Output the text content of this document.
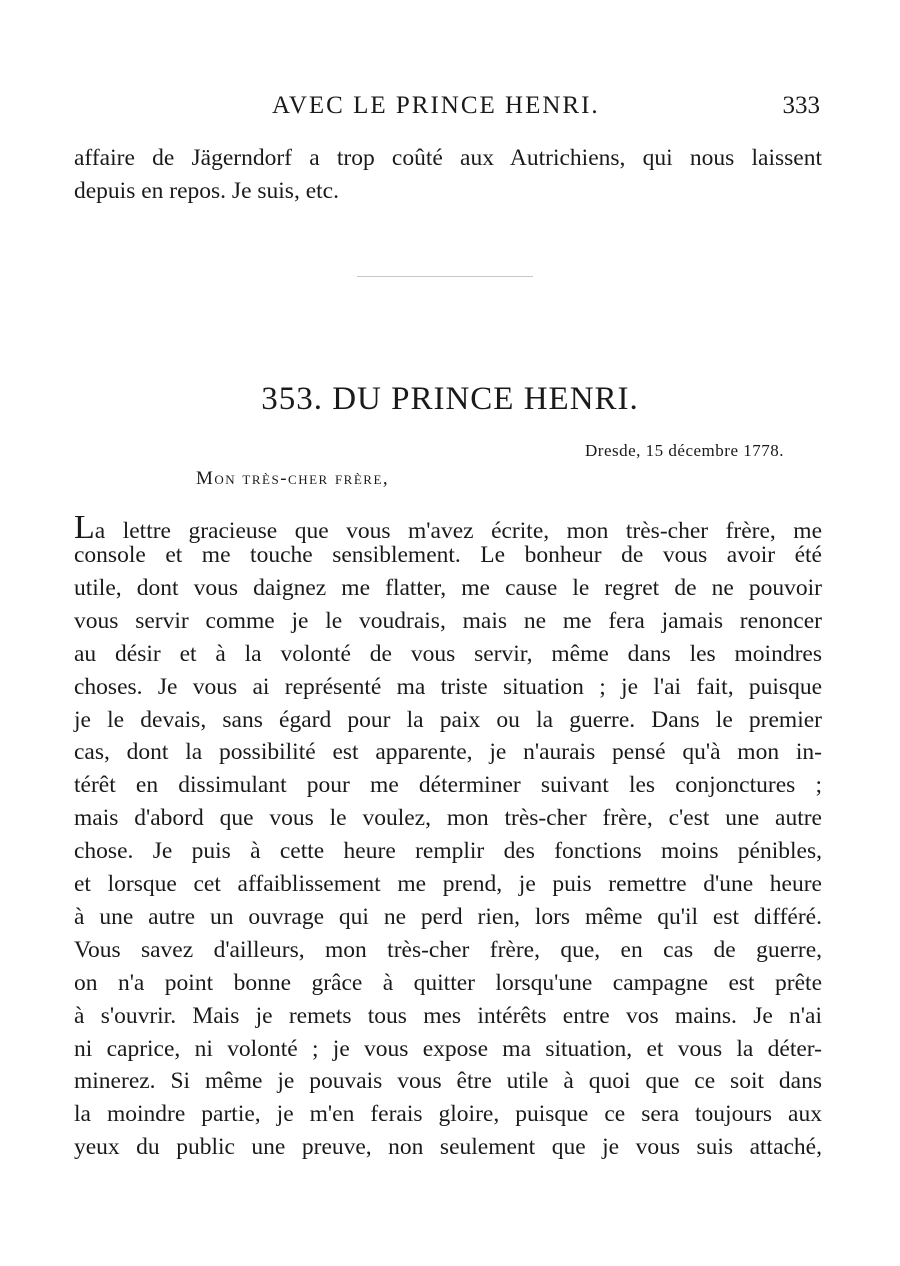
AVEC LE PRINCE HENRI.	333
affaire de Jägerndorf a trop coûté aux Autrichiens, qui nous laissent
depuis en repos. Je suis, etc.
353. DU PRINCE HENRI.
Dresde, 15 décembre 1778.
Mon très-cher frère,
La lettre gracieuse que vous m'avez écrite, mon très-cher frère, me
console et me touche sensiblement. Le bonheur de vous avoir été
utile, dont vous daignez me flatter, me cause le regret de ne pouvoir
vous servir comme je le voudrais, mais ne me fera jamais renoncer
au désir et à la volonté de vous servir, même dans les moindres
choses. Je vous ai représenté ma triste situation ; je l'ai fait, puisque
je le devais, sans égard pour la paix ou la guerre. Dans le premier
cas, dont la possibilité est apparente, je n'aurais pensé qu'à mon in-
térêt en dissimulant pour me déterminer suivant les conjonctures ;
mais d'abord que vous le voulez, mon très-cher frère, c'est une autre
chose. Je puis à cette heure remplir des fonctions moins pénibles,
et lorsque cet affaiblissement me prend, je puis remettre d'une heure
à une autre un ouvrage qui ne perd rien, lors même qu'il est différé.
Vous savez d'ailleurs, mon très-cher frère, que, en cas de guerre,
on n'a point bonne grâce à quitter lorsqu'une campagne est prête
à s'ouvrir. Mais je remets tous mes intérêts entre vos mains. Je n'ai
ni caprice, ni volonté ; je vous expose ma situation, et vous la déter-
minerez. Si même je pouvais vous être utile à quoi que ce soit dans
la moindre partie, je m'en ferais gloire, puisque ce sera toujours aux
yeux du public une preuve, non seulement que je vous suis attaché,
